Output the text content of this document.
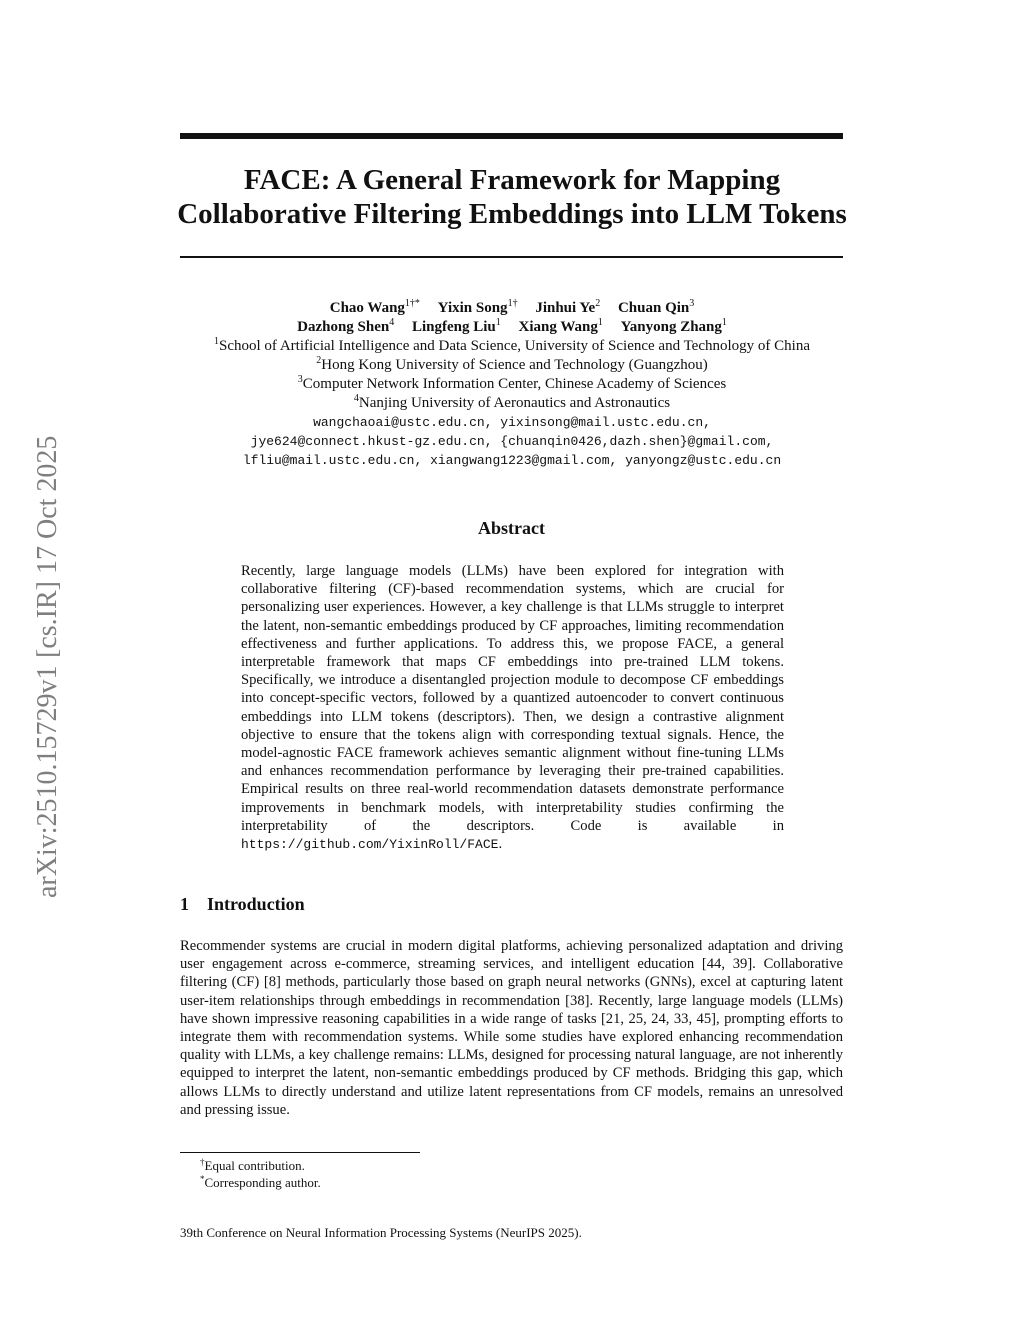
arXiv:2510.15729v1 [cs.IR] 17 Oct 2025
FACE: A General Framework for Mapping
Collaborative Filtering Embeddings into LLM Tokens
Chao Wang$^{1\dagger*}$ Yixin Song$^{1\dagger}$ Jinhui Ye$^2$ Chuan Qin$^3$
Dazhong Shen$^4$ Lingfeng Liu$^1$ Xiang Wang$^1$ Yanyong Zhang$^1$
$^1$School of Artificial Intelligence and Data Science, University of Science and Technology of China
$^2$Hong Kong University of Science and Technology (Guangzhou)
$^3$Computer Network Information Center, Chinese Academy of Sciences
$^4$Nanjing University of Aeronautics and Astronautics
wangchaoai@ustc.edu.cn, yixinsong@mail.ustc.edu.cn,
jye624@connect.hkust-gz.edu.cn, {chuanqin0426,dazh.shen}@gmail.com,
lfliu@mail.ustc.edu.cn, xiangwang1223@gmail.com, yanyongz@ustc.edu.cn
Abstract
Recently, large language models (LLMs) have been explored for integration with collaborative filtering (CF)-based recommendation systems, which are crucial for personalizing user experiences. However, a key challenge is that LLMs struggle to interpret the latent, non-semantic embeddings produced by CF approaches, limiting recommendation effectiveness and further applications. To address this, we propose FACE, a general interpretable framework that maps CF embeddings into pre-trained LLM tokens. Specifically, we introduce a disentangled projection module to decompose CF embeddings into concept-specific vectors, followed by a quantized autoencoder to convert continuous embeddings into LLM tokens (descriptors). Then, we design a contrastive alignment objective to ensure that the tokens align with corresponding textual signals. Hence, the model-agnostic FACE framework achieves semantic alignment without fine-tuning LLMs and enhances recommendation performance by leveraging their pre-trained capabilities. Empirical results on three real-world recommendation datasets demonstrate performance improvements in benchmark models, with interpretability studies confirming the interpretability of the descriptors. Code is available in https://github.com/YixinRoll/FACE.
1 Introduction
Recommender systems are crucial in modern digital platforms, achieving personalized adaptation and driving user engagement across e-commerce, streaming services, and intelligent education [44, 39]. Collaborative filtering (CF) [8] methods, particularly those based on graph neural networks (GNNs), excel at capturing latent user-item relationships through embeddings in recommendation [38]. Recently, large language models (LLMs) have shown impressive reasoning capabilities in a wide range of tasks [21, 25, 24, 33, 45], prompting efforts to integrate them with recommendation systems. While some studies have explored enhancing recommendation quality with LLMs, a key challenge remains: LLMs, designed for processing natural language, are not inherently equipped to interpret the latent, non-semantic embeddings produced by CF methods. Bridging this gap, which allows LLMs to directly understand and utilize latent representations from CF models, remains an unresolved and pressing issue.
†Equal contribution.
*Corresponding author.
39th Conference on Neural Information Processing Systems (NeurIPS 2025).
